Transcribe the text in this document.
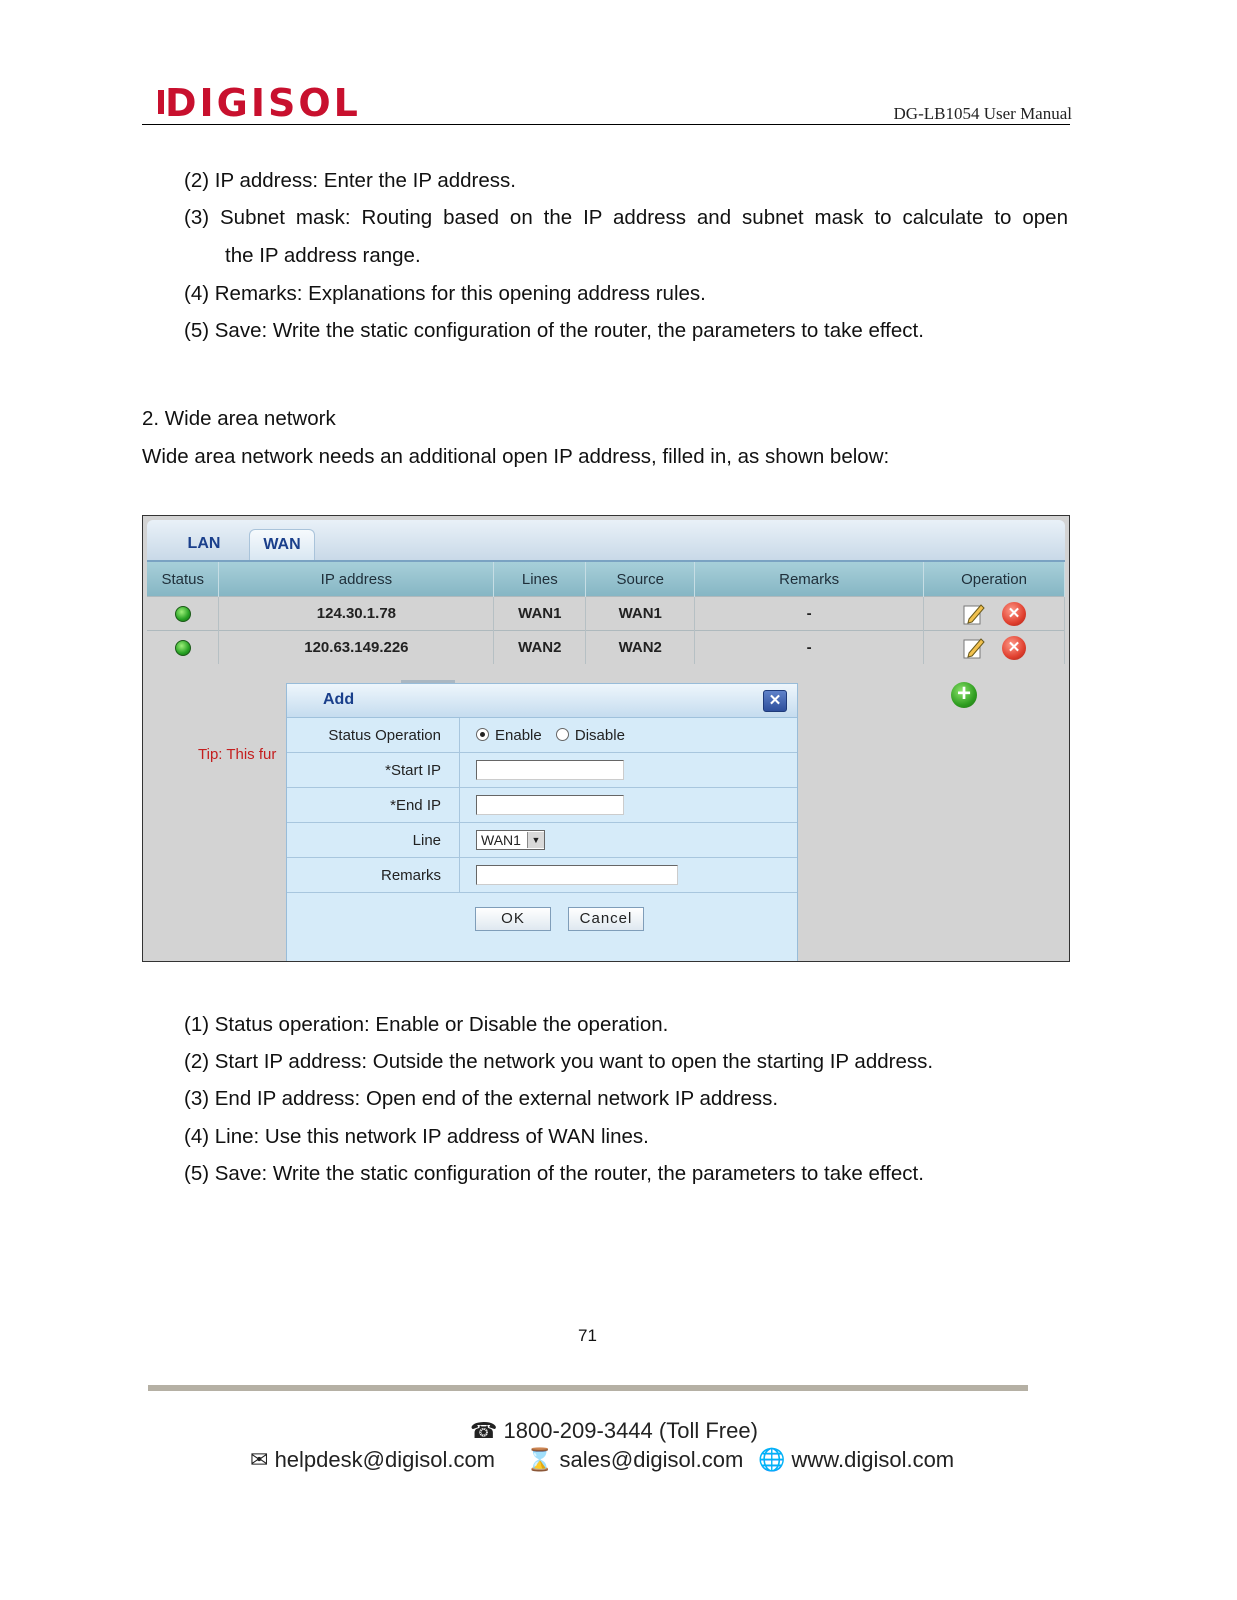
DIGISOL	DG-LB1054 User Manual
(2) IP address: Enter the IP address.
(3) Subnet mask: Routing based on the IP address and subnet mask to calculate to open
the IP address range.
(4) Remarks: Explanations for this opening address rules.
(5) Save: Write the static configuration of the router, the parameters to take effect.
2. Wide area network
Wide area network needs an additional open IP address, filled in, as shown below:
LAN	WAN
Status	IP address	Lines	Source	Remarks	Operation
	124.30.1.78	WAN1	WAN1	-	✕

	120.63.149.226	WAN2	WAN2	-	✕
+
Tip: This fur
Add	✕
Status Operation	Enable Disable
*Start IP	
*End IP	
Line	WAN1 ▼

Remarks	
OK	Cancel
(1) Status operation: Enable or Disable the operation.
(2) Start IP address: Outside the network you want to open the starting IP address.
(3) End IP address: Open end of the external network IP address.
(4) Line: Use this network IP address of WAN lines.
(5) Save: Write the static configuration of the router, the parameters to take effect.
71
☎ 1800-209-3444 (Toll Free)
✉ helpdesk@digisol.com ⌛ sales@digisol.com 🌐 www.digisol.com
